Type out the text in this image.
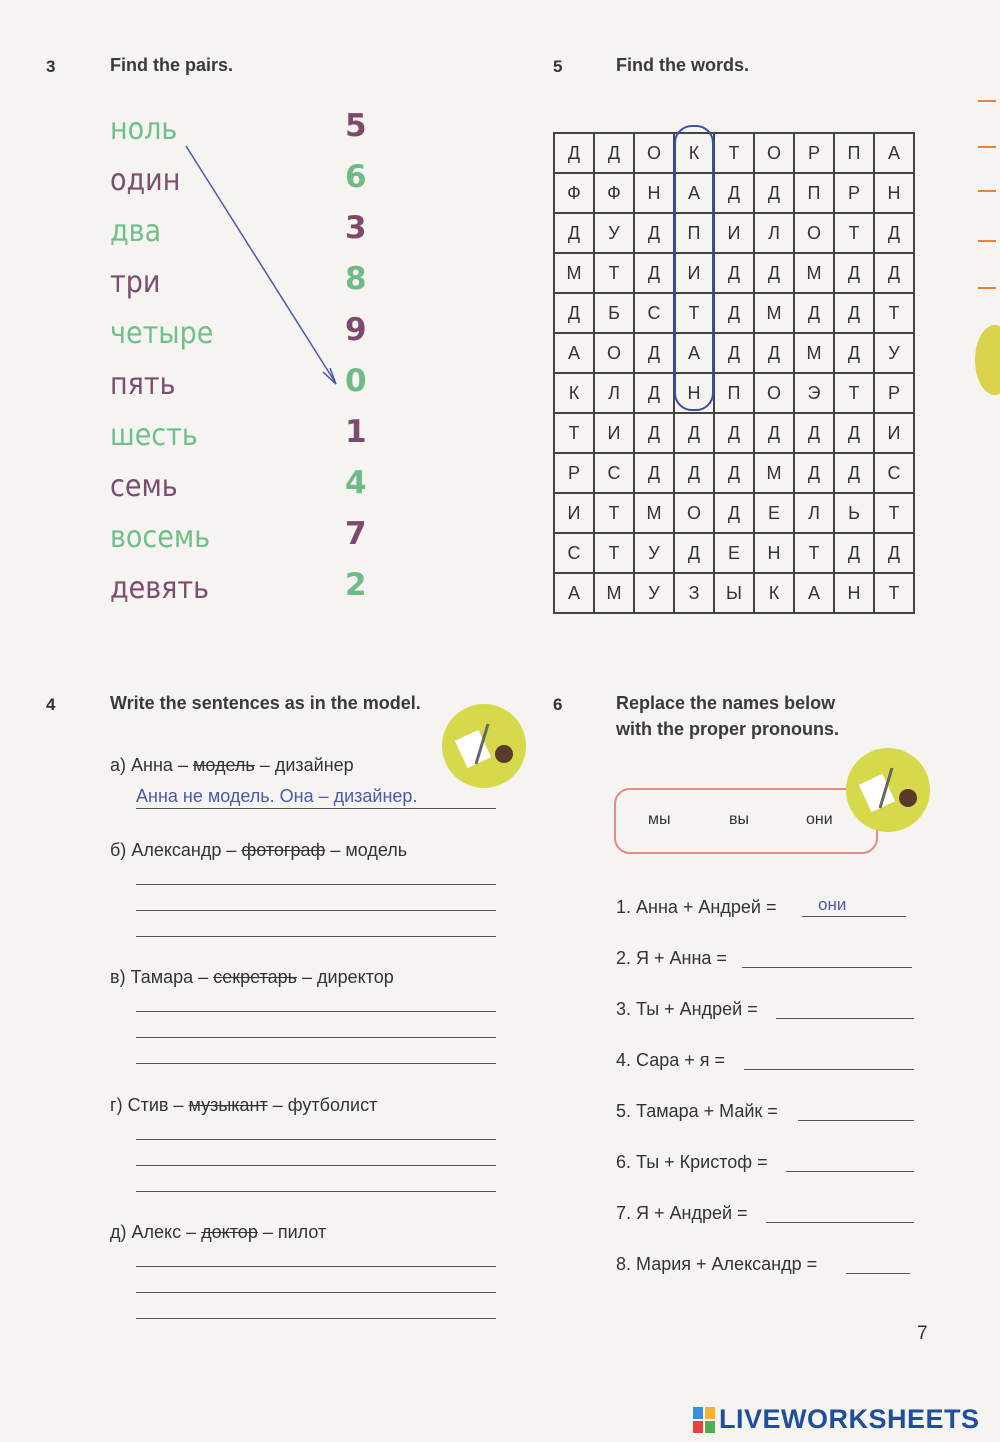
3	Find the pairs.
ноль	5
один	6
два	3
три	8
четыре	9
пять	0
шесть	1
семь	4
восемь	7
девять	2
5	Find the words.
Д	Д	О	К	Т	О	Р	П	А
Ф	Ф	Н	А	Д	Д	П	Р	Н
Д	У	Д	П	И	Л	О	Т	Д
М	Т	Д	И	Д	Д	М	Д	Д
Д	Б	С	Т	Д	М	Д	Д	Т
А	О	Д	А	Д	Д	М	Д	У
К	Л	Д	Н	П	О	Э	Т	Р
Т	И	Д	Д	Д	Д	Д	Д	И
Р	С	Д	Д	Д	М	Д	Д	С
И	Т	М	О	Д	Е	Л	Ь	Т
С	Т	У	Д	Е	Н	Т	Д	Д
А	М	У	З	Ы	К	А	Н	Т
4	Write the sentences as in the model.
а) Анна – модель – дизайнер
Анна не модель. Она – дизайнер.
б) Александр – фотограф – модель
в) Тамара – секретарь – директор
г) Стив – музыкант – футболист
д) Алекс – доктор – пилот
6	Replace the names below
with the proper pronouns.
мы	вы	они
1. Анна + Андрей =
2. Я + Анна =
3. Ты + Андрей =
4. Сара + я =
5. Тамара + Майк =
6. Ты + Кристоф =
7. Я + Андрей =
8. Мария + Александр =
они
7
LIVEWORKSHEETS
